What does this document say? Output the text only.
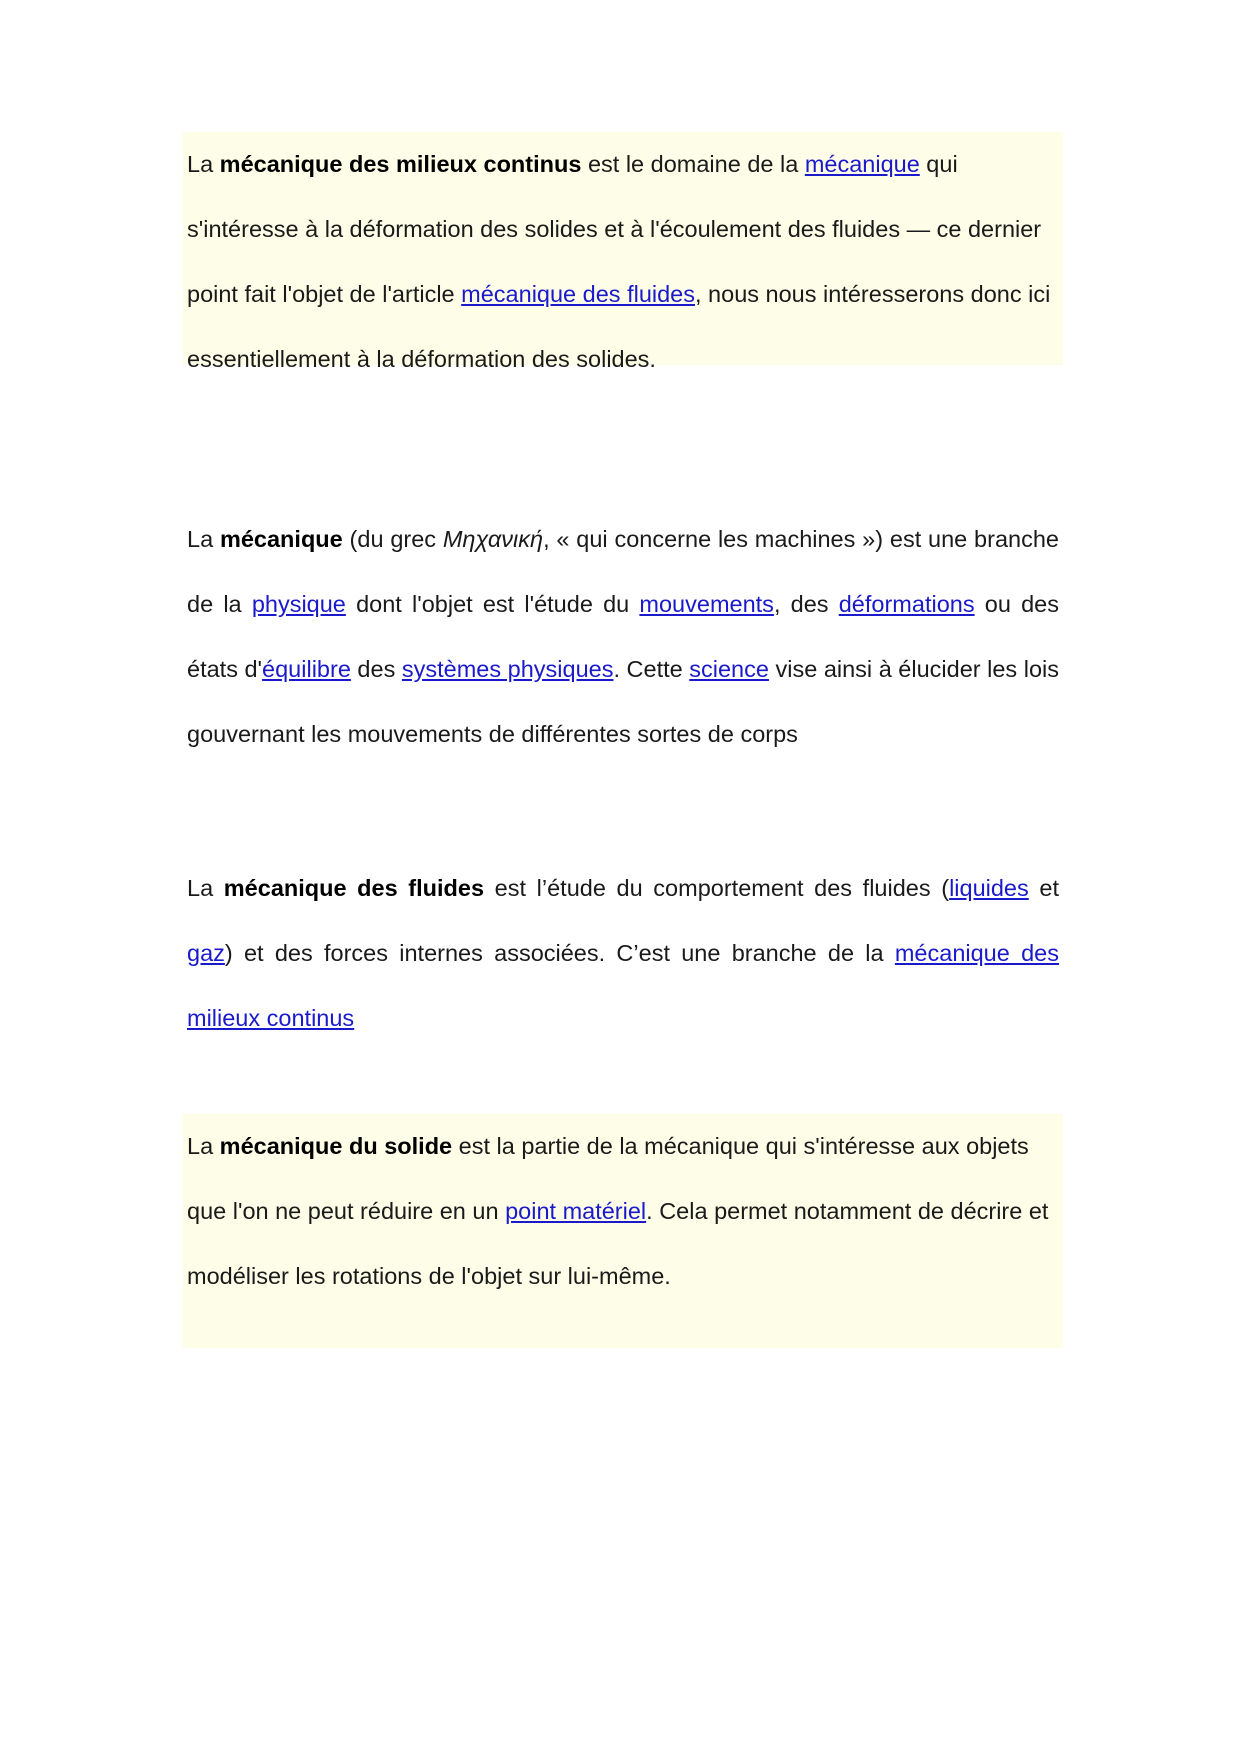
La mécanique des milieux continus est le domaine de la mécanique qui s'intéresse à la déformation des solides et à l'écoulement des fluides — ce dernier point fait l'objet de l'article mécanique des fluides, nous nous intéresserons donc ici essentiellement à la déformation des solides.

La mécanique (du grec Μηχανική, « qui concerne les machines ») est une branche de la physique dont l'objet est l'étude du mouvements, des déformations ou des états d'équilibre des systèmes physiques. Cette science vise ainsi à élucider les lois gouvernant les mouvements de différentes sortes de corps

La mécanique des fluides est l’étude du comportement des fluides (liquides et gaz) et des forces internes associées. C’est une branche de la mécanique des milieux continus

La mécanique du solide est la partie de la mécanique qui s'intéresse aux objets que l'on ne peut réduire en un point matériel. Cela permet notamment de décrire et modéliser les rotations de l'objet sur lui-même.
